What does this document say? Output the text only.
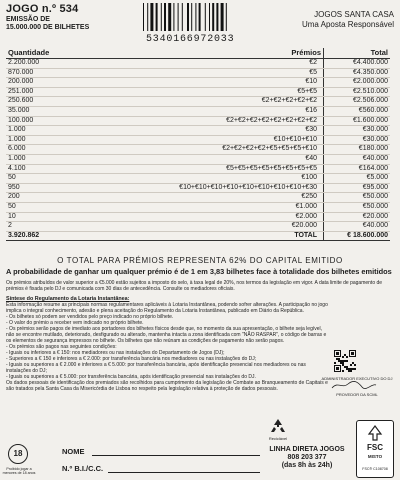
JOGO n.º 534
EMISSÃO DE
15.000.000 DE BILHETES
5340166972033
JOGOS SANTA CASA
Uma Aposta Responsável
Quantidade	Prémios	Total
2.200.000	€2	€4.400.000
870.000	€5	€4.350.000
200.000	€10	€2.000.000
251.000	€5+€5	€2.510.000
250.600	€2+€2+€2+€2+€2	€2.506.000
35.000	€16	€560.000
100.000	€2+€2+€2+€2+€2+€2+€2+€2	€1.600.000
1.000	€30	€30.000
1.000	€10+€10+€10	€30.000
6.000	€2+€2+€2+€2+€5+€5+€5+€10	€180.000
1.000	€40	€40.000
4.100	€5+€5+€5+€5+€5+€5+€5+€5	€164.000
50	€100	€5.000
950	€10+€10+€10+€10+€10+€10+€10+€10+€30	€95.000
200	€250	€50.000
50	€1.000	€50.000
10	€2.000	€20.000
2	€20.000	€40.000
3.920.862	TOTAL	€ 18.600.000
O TOTAL PARA PRÉMIOS REPRESENTA 62% DO CAPITAL EMITIDO
A probabilidade de ganhar um qualquer prémio é de 1 em 3,83 bilhetes face à totalidade dos bilhetes emitidos
Os prémios atribuídos de valor superior a €5.000 estão sujeitos a imposto do selo, à taxa legal de 20%, nos termos da legislação em vigor. A data limite de pagamento de prémios é fixada pelo DJ e comunicada com 30 dias de antecedência. Consulte os mediadores oficiais.
Síntese do Regulamento da Lotaria Instantânea:

Esta informação resume as principais normas regulamentares aplicáveis à Lotaria Instantânea, podendo sofrer alterações. A participação no jogo implica o integral conhecimento, adesão e plena aceitação do Regulamento da Lotaria Instantânea, publicado em Diário da República.

- Os bilhetes só podem ser vendidos pelo preço indicado no próprio bilhete.

- O valor do prémio a receber vem indicado no próprio bilhete.

- Os prémios serão pagos de imediato aos portadores dos bilhetes físicos desde que, no momento da sua apresentação, o bilhete seja legível, não se encontre mutilado, deteriorado, desfigurado ou alterado, mantenha intacta a zona identificada com "NÃO RASPAR", o código de barras e os elementos de segurança impressos no bilhete. Os bilhetes que não reúnam as condições de pagamento não serão pagos.

- Os prémios são pagos nas seguintes condições:

- Iguais ou inferiores a € 150: nos mediadores ou nas instalações do Departamento de Jogos (DJ);

- Superiores a € 150 e inferiores a € 2.000: por transferência bancária nos mediadores ou nas instalações do DJ;

- Iguais ou superiores a € 2.000 e inferiores a € 5.000: por transferência bancária, após identificação presencial nos mediadores ou nas instalações do DJ;

- Iguais ou superiores a € 5.000: por transferência bancária, após identificação presencial nas instalações do DJ.

Os dados pessoais de identificação dos premiados são recolhidos para cumprimento da legislação de Combate ao Branqueamento de Capitais e são tratados pela Santa Casa da Misericórdia de Lisboa no respeito pela legislação relativa à proteção de dados pessoais.

ADMINISTRADOR EXECUTIVO DO DJ
PROVEDOR DA SCML
18
Proibido jogar a menores de 18 anos
NOME
N.º B.I./C.C.
Reciclável
LINHA DIRETA JOGOS
808 203 377
(das 8h às 24h)
FSC
MISTO
FSC® C108708
